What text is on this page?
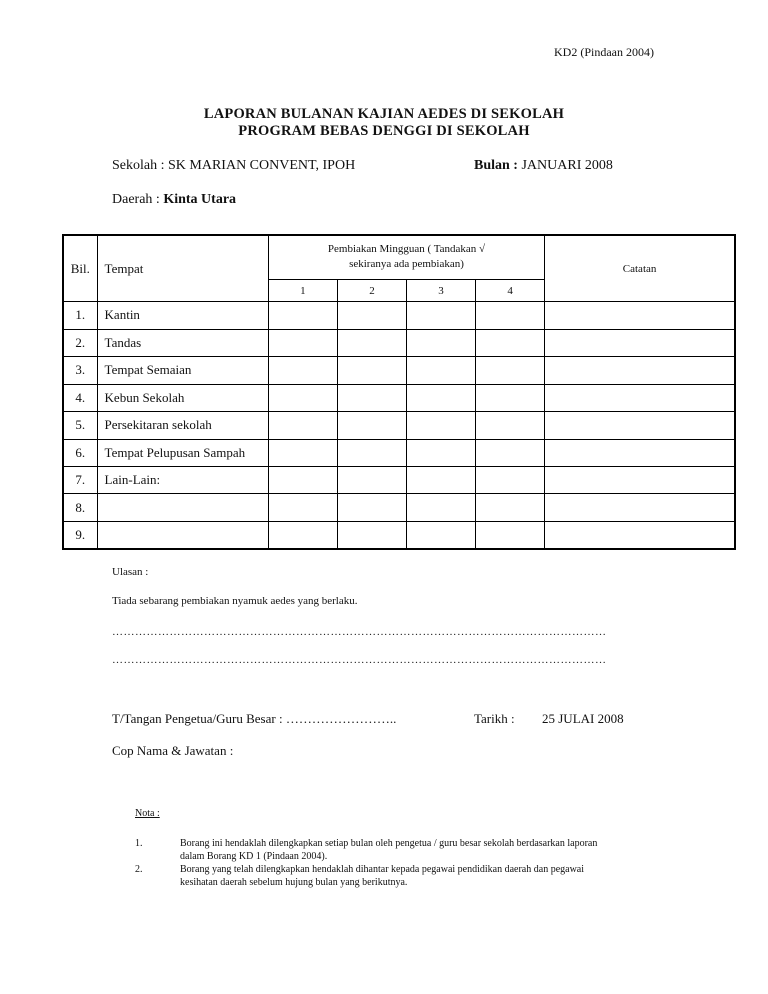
KD2 (Pindaan 2004)
LAPORAN BULANAN KAJIAN AEDES DI SEKOLAH
PROGRAM BEBAS DENGGI DI SEKOLAH
Sekolah : SK MARIAN CONVENT, IPOH	Bulan : JANUARI 2008
Daerah : Kinta Utara
Bil.	Tempat	Pembiakan Mingguan ( Tandakan √
sekiranya ada pembiakan)				Catatan
		1	2	3	4	
1.	Kantin					
2.	Tandas					
3.	Tempat Semaian					
4.	Kebun Sekolah					
5.	Persekitaran sekolah					
6.	Tempat Pelupusan Sampah					
7.	Lain-Lain:					
8.						
9.						
Ulasan :
Tiada sebarang pembiakan nyamuk aedes yang berlaku.
…………………………………………………………………………………………………………………
…………………………………………………………………………………………………………………
T/Tangan Pengetua/Guru Besar : ……………………..	Tarikh : 25 JULAI 2008
Cop Nama & Jawatan :
Nota :
1.	Borang ini hendaklah dilengkapkan setiap bulan oleh pengetua / guru besar sekolah berdasarkan laporan
dalam Borang KD 1 (Pindaan 2004).
2.	Borang yang telah dilengkapkan hendaklah dihantar kepada pegawai pendidikan daerah dan pegawai
kesihatan daerah sebelum hujung bulan yang berikutnya.
